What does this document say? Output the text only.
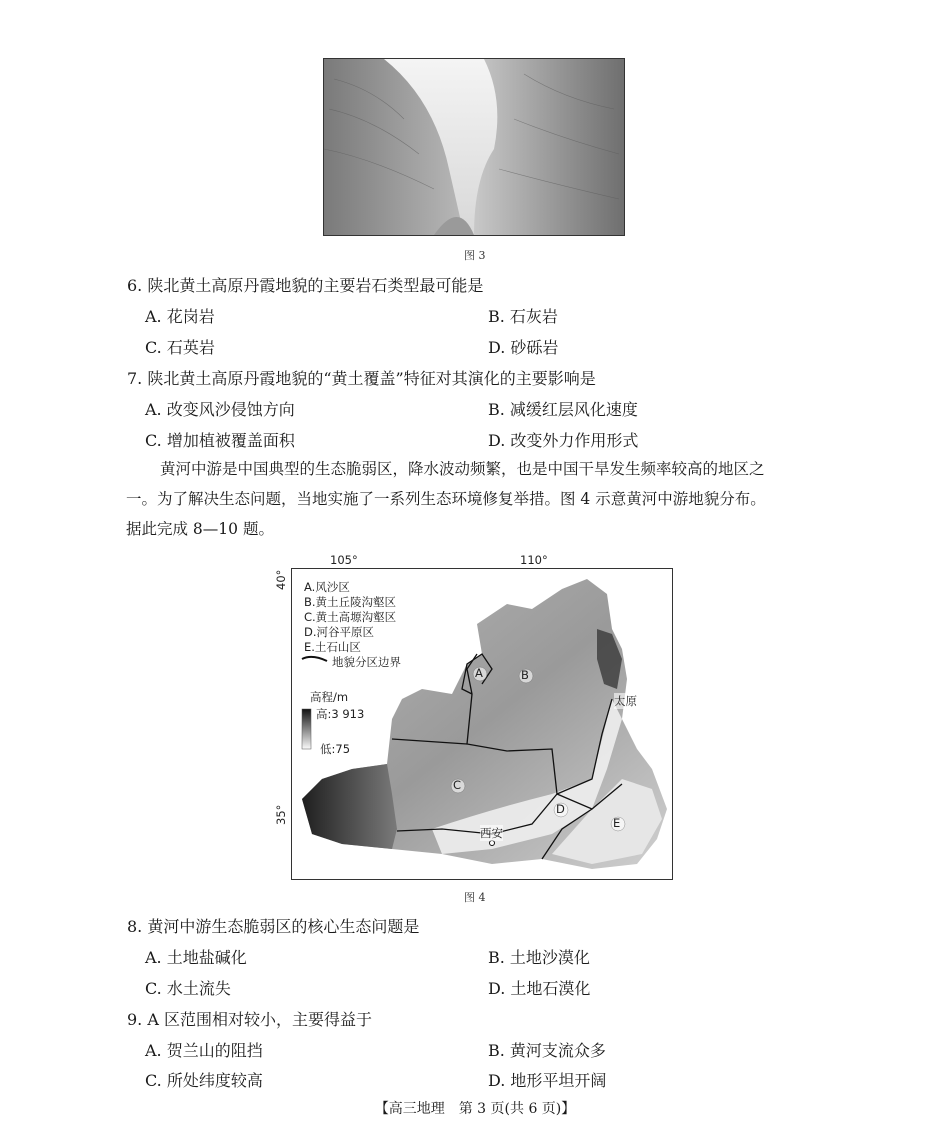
图 3
6. 陕北黄土高原丹霞地貌的主要岩石类型最可能是
A. 花岗岩	B. 石灰岩
C. 石英岩	D. 砂砾岩
7. 陕北黄土高原丹霞地貌的“黄土覆盖”特征对其演化的主要影响是
A. 改变风沙侵蚀方向	B. 减缓红层风化速度
C. 增加植被覆盖面积	D. 改变外力作用形式

黄河中游是中国典型的生态脆弱区，降水波动频繁，也是中国干旱发生频率较高的地区之

一。为了解决生态问题，当地实施了一系列生态环境修复举措。图 4 示意黄河中游地貌分布。

据此完成 8—10 题。

105°	110°
40°
35°
A.风沙区
B.黄土丘陵沟壑区
C.黄土高塬沟壑区
D.河谷平原区
E.土石山区
地貌分区边界
高程/m
高:3 913
低:75
A	B
C
D
E
太原
西安
图 4
8. 黄河中游生态脆弱区的核心生态问题是
A. 土地盐碱化	B. 土地沙漠化
C. 水土流失	D. 土地石漠化
9. A 区范围相对较小，主要得益于
A. 贺兰山的阻挡	B. 黄河支流众多
C. 所处纬度较高	D. 地形平坦开阔
【高三地理　第 3 页(共 6 页)】
